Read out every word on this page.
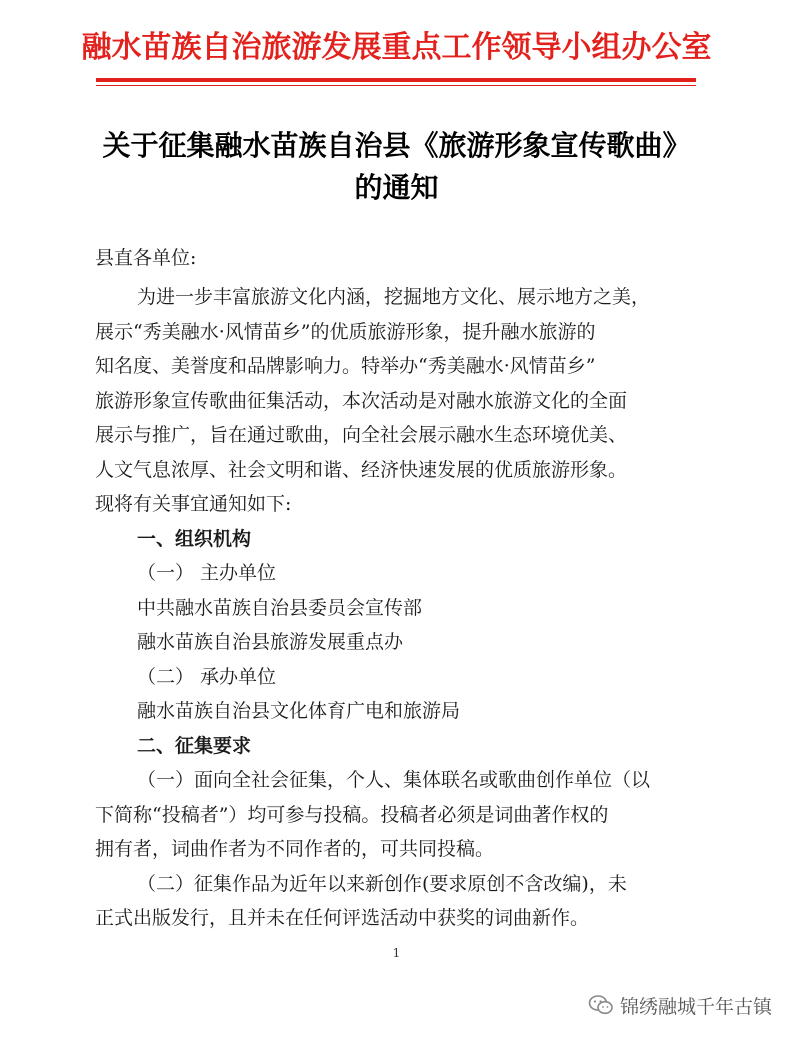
融水苗族自治旅游发展重点工作领导小组办公室
关于征集融水苗族自治县《旅游形象宣传歌曲》
的通知
县直各单位:
为进一步丰富旅游文化内涵，挖掘地方文化、展示地方之美，
展示“秀美融水·风情苗乡”的优质旅游形象，提升融水旅游的
知名度、美誉度和品牌影响力。特举办“秀美融水·风情苗乡”
旅游形象宣传歌曲征集活动，本次活动是对融水旅游文化的全面
展示与推广，旨在通过歌曲，向全社会展示融水生态环境优美、
人文气息浓厚、社会文明和谐、经济快速发展的优质旅游形象。
现将有关事宜通知如下:
一、组织机构
（一） 主办单位
中共融水苗族自治县委员会宣传部
融水苗族自治县旅游发展重点办
（二） 承办单位
融水苗族自治县文化体育广电和旅游局
二、征集要求
（一）面向全社会征集，个人、集体联名或歌曲创作单位（以
下简称“投稿者”）均可参与投稿。投稿者必须是词曲著作权的
拥有者，词曲作者为不同作者的，可共同投稿。
（二）征集作品为近年以来新创作(要求原创不含改编)，未
正式出版发行，且并未在任何评选活动中获奖的词曲新作。
1
锦绣融城千年古镇
